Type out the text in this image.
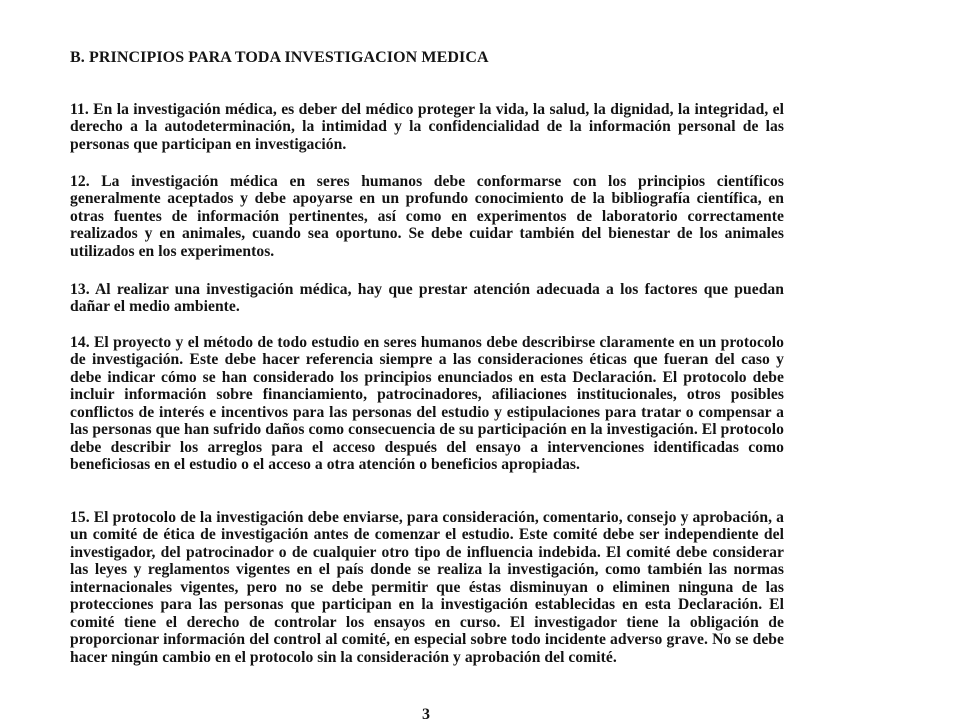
B. PRINCIPIOS PARA TODA INVESTIGACION MEDICA

11. En la investigación médica, es deber del médico proteger la vida, la salud, la dignidad, la integridad, el derecho a la autodeterminación, la intimidad y la confidencialidad de la información personal de las personas que participan en investigación.

12. La investigación médica en seres humanos debe conformarse con los principios científicos generalmente aceptados y debe apoyarse en un profundo conocimiento de la bibliografía científica, en otras fuentes de información pertinentes, así como en experimentos de laboratorio correctamente realizados y en animales, cuando sea oportuno. Se debe cuidar también del bienestar de los animales utilizados en los experimentos.

13. Al realizar una investigación médica, hay que prestar atención adecuada a los factores que puedan dañar el medio ambiente.

14. El proyecto y el método de todo estudio en seres humanos debe describirse claramente en un protocolo de investigación. Este debe hacer referencia siempre a las consideraciones éticas que fueran del caso y debe indicar cómo se han considerado los principios enunciados en esta Declaración. El protocolo debe incluir información sobre financiamiento, patrocinadores, afiliaciones institucionales, otros posibles conflictos de interés e incentivos para las personas del estudio y estipulaciones para tratar o compensar a las personas que han sufrido daños como consecuencia de su participación en la investigación. El protocolo debe describir los arreglos para el acceso después del ensayo a intervenciones identificadas como beneficiosas en el estudio o el acceso a otra atención o beneficios apropiadas.

15. El protocolo de la investigación debe enviarse, para consideración, comentario, consejo y aprobación, a un comité de ética de investigación antes de comenzar el estudio. Este comité debe ser independiente del investigador, del patrocinador o de cualquier otro tipo de influencia indebida. El comité debe considerar las leyes y reglamentos vigentes en el país donde se realiza la investigación, como también las normas internacionales vigentes, pero no se debe permitir que éstas disminuyan o eliminen ninguna de las protecciones para las personas que participan en la investigación establecidas en esta Declaración. El comité tiene el derecho de controlar los ensayos en curso. El investigador tiene la obligación de proporcionar información del control al comité, en especial sobre todo incidente adverso grave. No se debe hacer ningún cambio en el protocolo sin la consideración y aprobación del comité.

3
